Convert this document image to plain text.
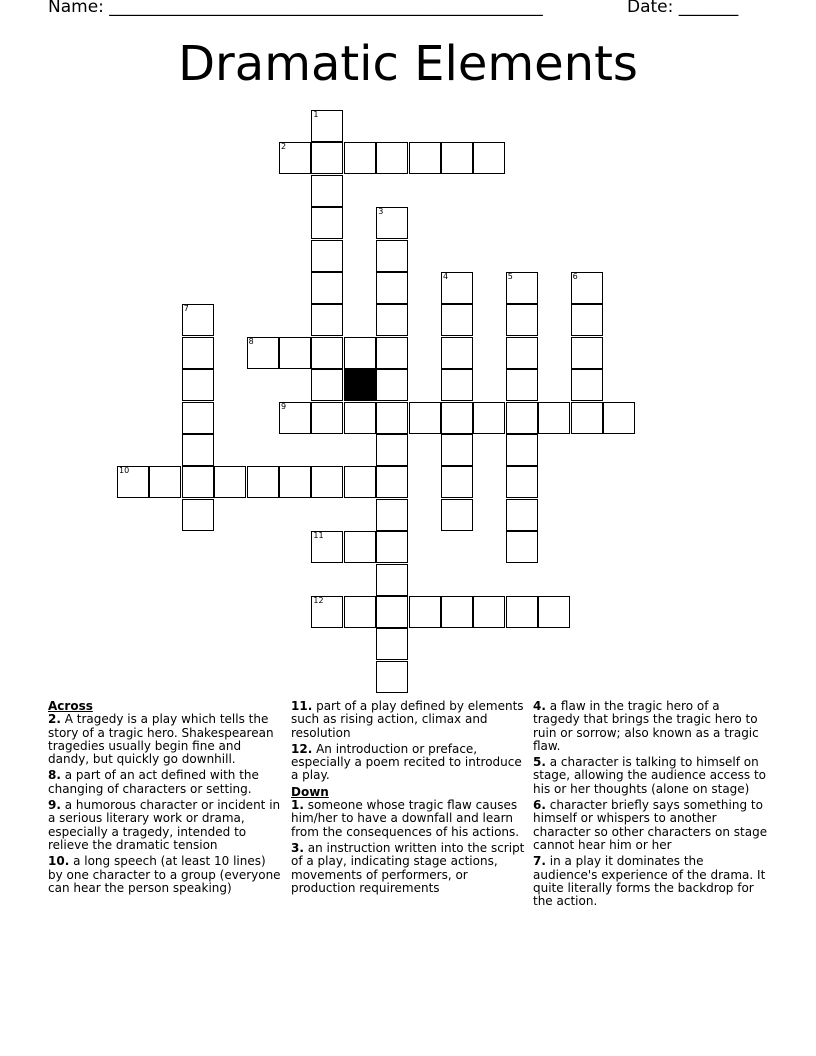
Name: ___________________________________________________	Date: _______
Dramatic Elements
1
2
3
4	5	6
7
8
9
10
11
12
Across
2. A tragedy is a play which tells the story of a tragic hero. Shakespearean tragedies usually begin fine and dandy, but quickly go downhill.
8. a part of an act defined with the changing of characters or setting.
9. a humorous character or incident in a serious literary work or drama, especially a tragedy, intended to relieve the dramatic tension
10. a long speech (at least 10 lines) by one character to a group (everyone can hear the person speaking)
11. part of a play defined by elements such as rising action, climax and resolution
12. An introduction or preface, especially a poem recited to introduce a play.
Down
1. someone whose tragic flaw causes him/her to have a downfall and learn from the consequences of his actions.
3. an instruction written into the script of a play, indicating stage actions, movements of performers, or production requirements
4. a flaw in the tragic hero of a tragedy that brings the tragic hero to ruin or sorrow; also known as a tragic flaw.
5. a character is talking to himself on stage, allowing the audience access to his or her thoughts (alone on stage)
6. character briefly says something to himself or whispers to another character so other characters on stage cannot hear him or her
7. in a play it dominates the audience's experience of the drama. It quite literally forms the backdrop for the action.
